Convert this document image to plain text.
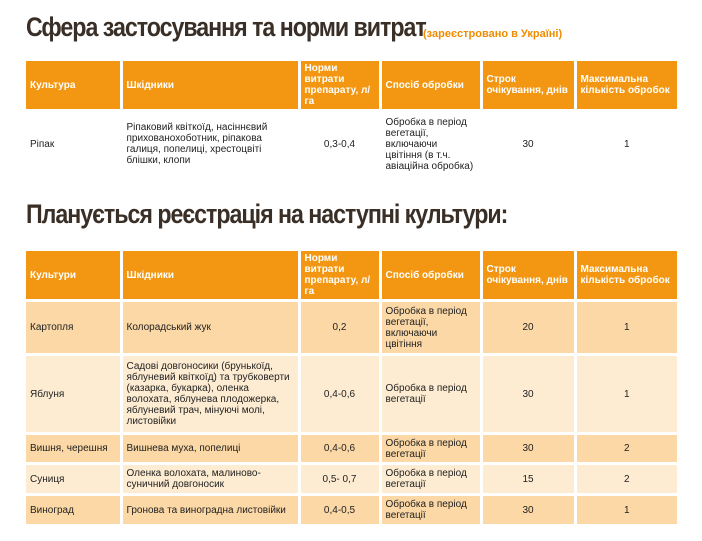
Сфера застосування та норми витрат
(зареєстровано в Україні)
Культура	Шкідники	Норми витрати препарату, л/га	Спосіб обробки	Строк очікування, днів	Максимальна кількість обробок
Ріпак	Ріпаковий квіткоїд, насіннєвий прихованохоботник, ріпакова галиця, попелиці, хрестоцвіті блішки, клопи	0,3-0,4	Обробка в період вегетації, включаючи цвітіння (в т.ч. авіаційна обробка)	30	1
Планується реєстрація на наступні культури:
Культури	Шкідники	Норми витрати препарату, л/га	Спосіб обробки	Строк очікування, днів	Максимальна кількість обробок
Картопля	Колорадський жук	0,2	Обробка в період вегетації, включаючи цвітіння	20	1
Яблуня	Садові довгоносики (брунькоїд, яблуневий квіткоїд) та трубковерти (казарка, букарка), оленка волохата, яблунева плодожерка, яблуневий трач, мінуючі молі, листовійки	0,4-0,6	Обробка в період вегетації	30	1
Вишня, черешня	Вишнева муха, попелиці	0,4-0,6	Обробка в період вегетації	30	2
Суниця	Оленка волохата, малиново-суничний довгоносик	0,5- 0,7	Обробка в період вегетації	15	2
Виноград	Гронова та виноградна листовійки	0,4-0,5	Обробка в період вегетації	30	1
